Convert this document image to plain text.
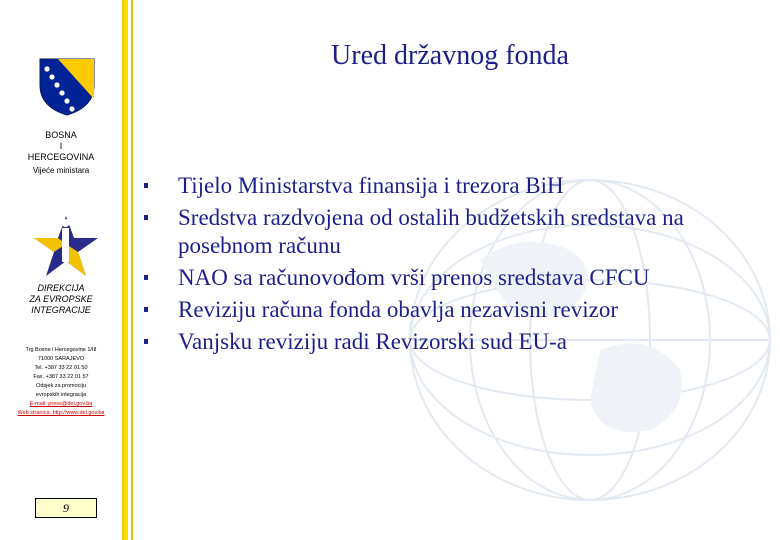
BOSNA
I
HERCEGOVINA
Vijeće ministara
DIREKCIJA
ZA EVROPSKE
INTEGRACIJE
Trg Bosne i Hercegovine 1/III
71000 SARAJEVO
Tel. +387 33 22 01 50
Fax. +387 33 22 01 57
Odsjek za promociju
evropskih integracija
E-mail: press@dei.gov.ba
Web stranica: http://www.dei.gov.ba
9
Ured državnog fonda
Tijelo Ministarstva finansija i trezora BiH
Sredstva razdvojena od ostalih budžetskih sredstava na posebnom računu
NAO sa računovođom vrši prenos sredstava CFCU
Reviziju računa fonda obavlja nezavisni revizor
Vanjsku reviziju radi Revizorski sud EU-a
